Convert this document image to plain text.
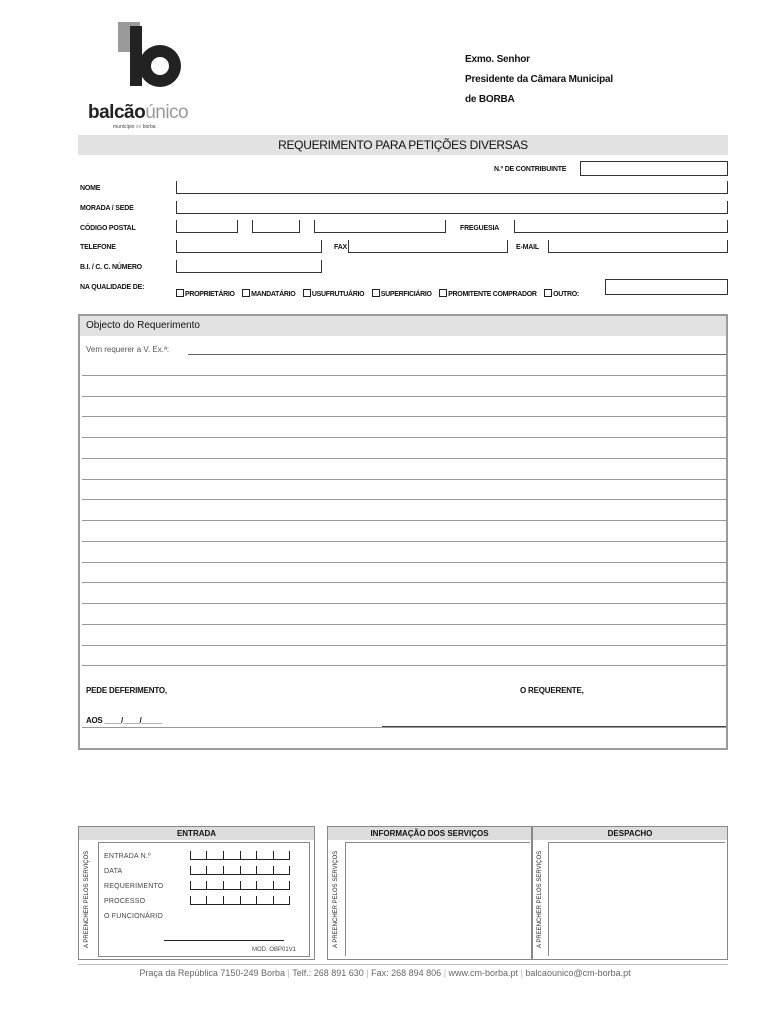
balcãoúnico
município de borba
Exmo. Senhor
Presidente da Câmara Municipal
de BORBA
REQUERIMENTO PARA PETIÇÕES DIVERSAS
N.º DE CONTRIBUINTE
NOME
MORADA / SEDE
CÓDIGO POSTAL	FREGUESIA
TELEFONE	FAX	E-MAIL
B.I. / C. C. NÚMERO
NA QUALIDADE DE:
PROPRIETÁRIO MANDATÁRIO USUFRUTUÁRIO SUPERFICIÁRIO PROMITENTE COMPRADOR OUTRO:
Objecto do Requerimento
Vem requerer a V. Ex.ª:
PEDE DEFERIMENTO,	O REQUERENTE,
AOS ____/____/_____
ENTRADA
A PREENCHER PELOS SERVIÇOS ENTRADA N.º
DATA
REQUERIMENTO
PROCESSO
O FUNCIONÁRIO
MOD. OBP01V1
INFORMAÇÃO DOS SERVIÇOS
A PREENCHER PELOS SERVIÇOS
DESPACHO
A PREENCHER PELOS SERVIÇOS
Praça da República 7150-249 Borba | Telf.: 268 891 630 | Fax: 268 894 806 | www.cm-borba.pt | balcaounico@cm-borba.pt
